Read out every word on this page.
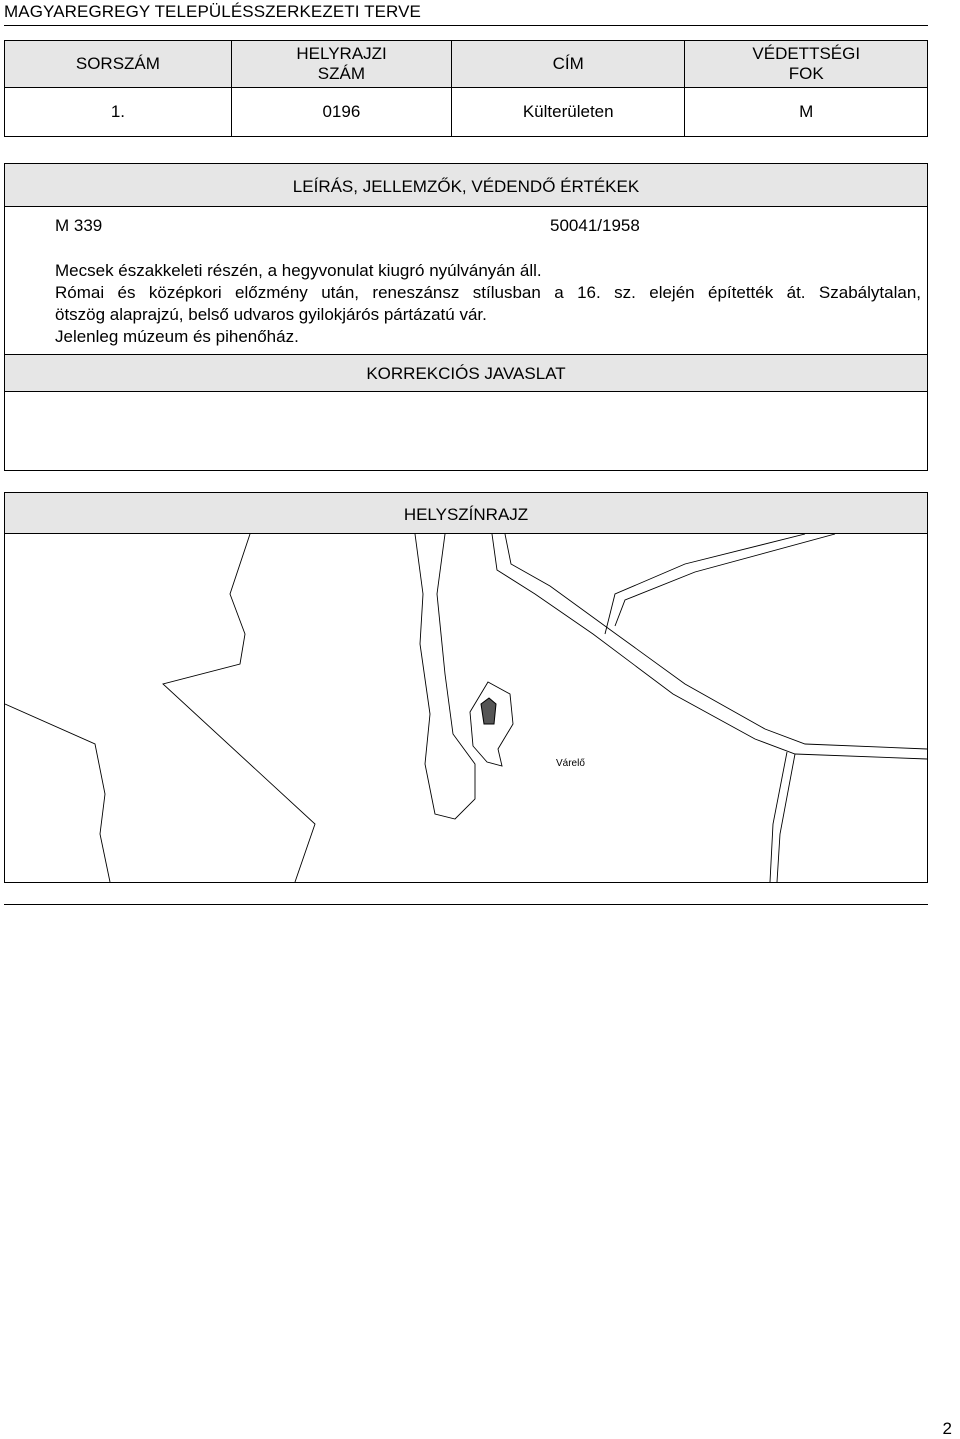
MAGYAREGREGY TELEPÜLÉSSZERKEZETI TERVE
SORSZÁM	HELYRAJZI SZÁM	CÍM	VÉDETTSÉGI FOK
1.	0196	Külterületen	M
LEÍRÁS, JELLEMZŐK, VÉDENDŐ ÉRTÉKEK
M 339	50041/1958
Mecsek északkeleti részén, a hegyvonulat kiugró nyúlványán áll.
Római és középkori előzmény után, reneszánsz stílusban a 16. sz. elején építették át. Szabálytalan,
ötszög alaprajzú, belső udvaros gyilokjárós pártázatú vár.
Jelenleg múzeum és pihenőház.
KORREKCIÓS JAVASLAT
HELYSZÍNRAJZ
Várelő
2
